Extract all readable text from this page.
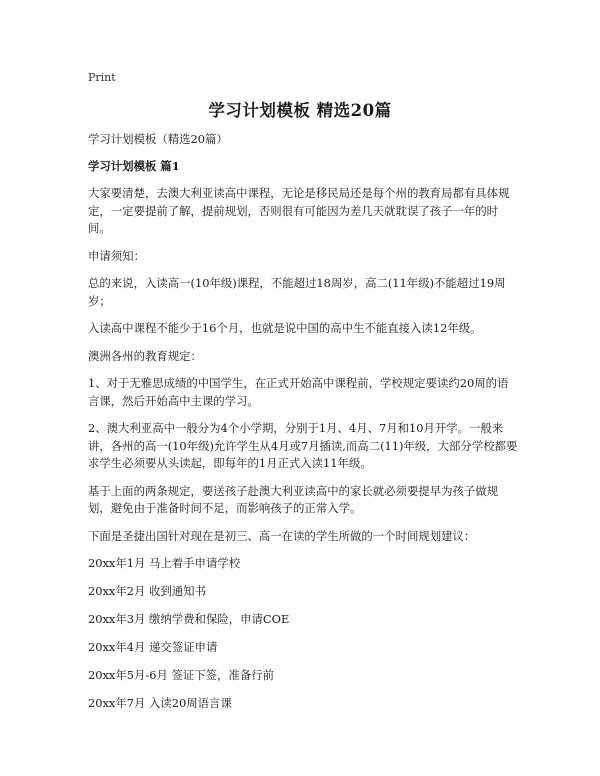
Print
学习计划模板 精选20篇

学习计划模板（精选20篇）

学习计划模板 篇1

大家要清楚，去澳大利亚读高中课程，无论是移民局还是每个州的教育局都有具体规定，一定要提前了解，提前规划，否则很有可能因为差几天就耽误了孩子一年的时间。

申请须知：

总的来说，入读高一(10年级)课程，不能超过18周岁，高二(11年级)不能超过19周岁；

入读高中课程不能少于16个月，也就是说中国的高中生不能直接入读12年级。

澳洲各州的教育规定：

1、对于无雅思成绩的中国学生，在正式开始高中课程前，学校规定要读约20周的语言课，然后开始高中主课的学习。

2、澳大利亚高中一般分为4个小学期，分别于1月、4月、7月和10月开学。一般来讲，各州的高一(10年级)允许学生从4月或7月插读,而高二(11)年级，大部分学校都要求学生必须要从头读起，即每年的1月正式入读11年级。

基于上面的两条规定，要送孩子赴澳大利亚读高中的家长就必须要提早为孩子做规划，避免由于准备时间不足，而影响孩子的正常入学。

下面是圣捷出国针对现在是初三、高一在读的学生所做的一个时间规划建议：

20xx年1月 马上着手申请学校

20xx年2月 收到通知书

20xx年3月 缴纳学费和保险，申请COE

20xx年4月 递交签证申请

20xx年5月-6月 签证下签，准备行前

20xx年7月 入读20周语言课
